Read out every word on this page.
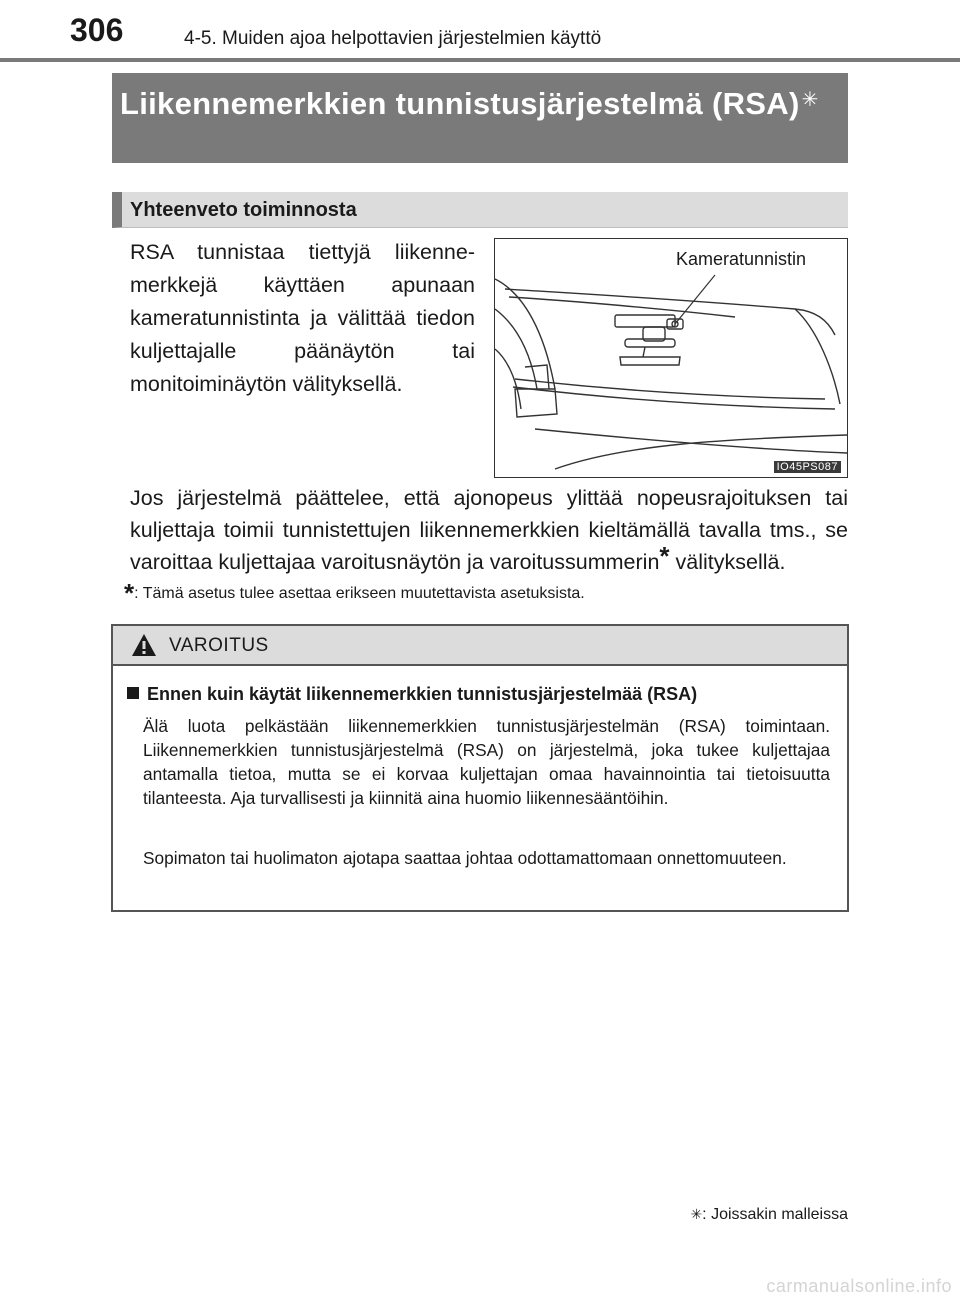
306	4-5. Muiden ajoa helpottavien järjestelmien käyttö
Liikennemerkkien tunnistusjärjestelmä (RSA) ✳
Yhteenveto toiminnosta
RSA tunnistaa tiettyjä liikennemerkkejä käyttäen apunaan kameratunnistinta ja välittää tiedon kuljettajalle päänäytön tai monitoiminäytön välityksellä.
Kameratunnistin
IO45PS087
Jos järjestelmä päättelee, että ajonopeus ylittää nopeusrajoituksen tai kuljettaja toimii tunnistettujen liikennemerkkien kieltämällä tavalla tms., se varoittaa kuljettajaa varoitusnäytön ja varoitussummerin* välityksellä.
*: Tämä asetus tulee asettaa erikseen muutettavista asetuksista.
VAROITUS
Ennen kuin käytät liikennemerkkien tunnistusjärjestelmää (RSA)
Älä luota pelkästään liikennemerkkien tunnistusjärjestelmän (RSA) toimintaan. Liikennemerkkien tunnistusjärjestelmä (RSA) on järjestelmä, joka tukee kuljettajaa antamalla tietoa, mutta se ei korvaa kuljettajan omaa havainnointia tai tietoisuutta tilanteesta. Aja turvallisesti ja kiinnitä aina huomio liikennesääntöihin.
Sopimaton tai huolimaton ajotapa saattaa johtaa odottamattomaan onnettomuuteen.
✳: Joissakin malleissa
carmanualsonline.info
